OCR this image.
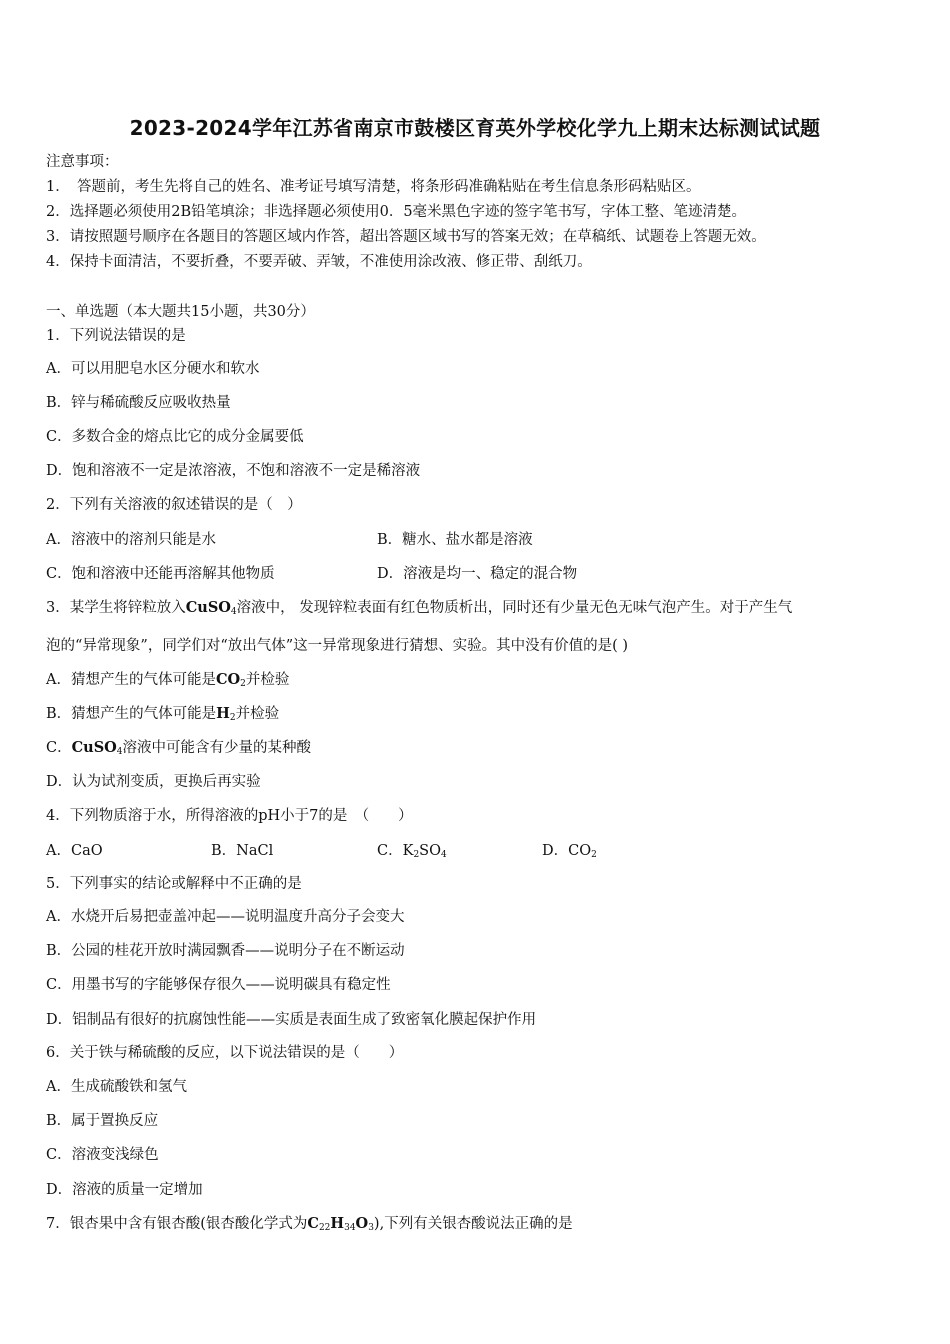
2023-2024学年江苏省南京市鼓楼区育英外学校化学九上期末达标测试试题
注意事项：
1．　答题前，考生先将自己的姓名、准考证号填写清楚，将条形码准确粘贴在考生信息条形码粘贴区。
2．选择题必须使用2B铅笔填涂；非选择题必须使用0．5毫米黑色字迹的签字笔书写，字体工整、笔迹清楚。
3．请按照题号顺序在各题目的答题区域内作答，超出答题区域书写的答案无效；在草稿纸、试题卷上答题无效。
4．保持卡面清洁，不要折叠，不要弄破、弄皱，不准使用涂改液、修正带、刮纸刀。
一、单选题（本大题共15小题，共30分）
1．下列说法错误的是
A．可以用肥皂水区分硬水和软水
B．锌与稀硫酸反应吸收热量
C．多数合金的熔点比它的成分金属要低
D．饱和溶液不一定是浓溶液，不饱和溶液不一定是稀溶液
2．下列有关溶液的叙述错误的是（　）
A．溶液中的溶剂只能是水	B．糖水、盐水都是溶液
C．饱和溶液中还能再溶解其他物质	D．溶液是均一、稳定的混合物
3．某学生将锌粒放入CuSO$_4$溶液中， 发现锌粒表面有红色物质析出，同时还有少量无色无味气泡产生。对于产生气
泡的“异常现象”，同学们对“放出气体”这一异常现象进行猜想、实验。其中没有价值的是( )
A．猜想产生的气体可能是$CO_2$并检验
B．猜想产生的气体可能是$H_2$并检验
C．CuSO$_4$溶液中可能含有少量的某种酸
D．认为试剂变质，更换后再实验
4．下列物质溶于水，所得溶液的pH小于7的是　（　　）
A．CaO	B．NaCl	C．$K_2SO_4$	D．$CO_2$
5．下列事实的结论或解释中不正确的是
A．水烧开后易把壶盖冲起——说明温度升高分子会变大
B．公园的桂花开放时满园飘香——说明分子在不断运动
C．用墨书写的字能够保存很久——说明碳具有稳定性
D．铝制品有很好的抗腐蚀性能——实质是表面生成了致密氧化膜起保护作用
6．关于铁与稀硫酸的反应，以下说法错误的是（　　）
A．生成硫酸铁和氢气
B．属于置换反应
C．溶液变浅绿色
D．溶液的质量一定增加
7．银杏果中含有银杏酸(银杏酸化学式为$C_{22}H_{34}O_3$),下列有关银杏酸说法正确的是
